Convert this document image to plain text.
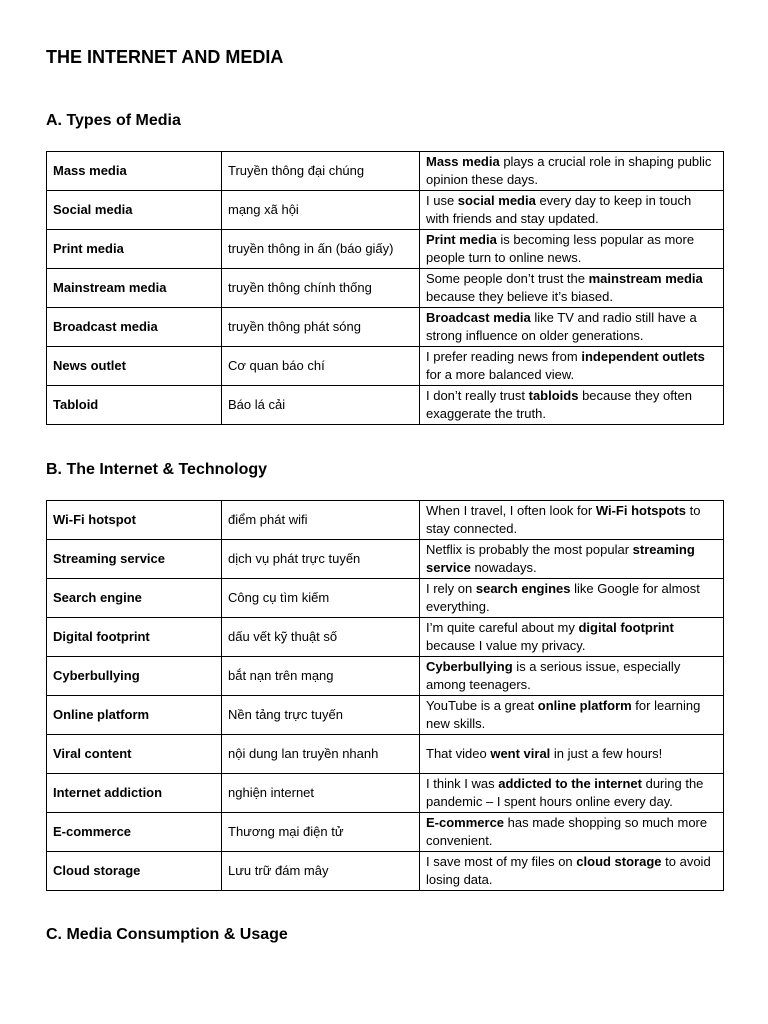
THE INTERNET AND MEDIA
A. Types of Media
Mass media	Truyền thông đại chúng	Mass media plays a crucial role in shaping public opinion these days.
Social media	mạng xã hội	I use social media every day to keep in touch with friends and stay updated.
Print media	truyền thông in ấn (báo giấy)	Print media is becoming less popular as more people turn to online news.
Mainstream media	truyền thông chính thống	Some people don’t trust the mainstream media because they believe it’s biased.
Broadcast media	truyền thông phát sóng	Broadcast media like TV and radio still have a strong influence on older generations.
News outlet	Cơ quan báo chí	I prefer reading news from independent outlets for a more balanced view.
Tabloid	Báo lá cải	I don’t really trust tabloids because they often exaggerate the truth.
B. The Internet & Technology
Wi-Fi hotspot	điểm phát wifi	When I travel, I often look for Wi-Fi hotspots to stay connected.
Streaming service	dịch vụ phát trực tuyến	Netflix is probably the most popular streaming service nowadays.
Search engine	Công cụ tìm kiếm	I rely on search engines like Google for almost everything.
Digital footprint	dấu vết kỹ thuật số	I’m quite careful about my digital footprint because I value my privacy.
Cyberbullying	bắt nạn trên mạng	Cyberbullying is a serious issue, especially among teenagers.
Online platform	Nền tảng trực tuyến	YouTube is a great online platform for learning new skills.
Viral content	nội dung lan truyền nhanh	That video went viral in just a few hours!
Internet addiction	nghiện internet	I think I was addicted to the internet during the pandemic – I spent hours online every day.
E-commerce	Thương mại điện tử	E-commerce has made shopping so much more convenient.
Cloud storage	Lưu trữ đám mây	I save most of my files on cloud storage to avoid losing data.
C. Media Consumption & Usage
